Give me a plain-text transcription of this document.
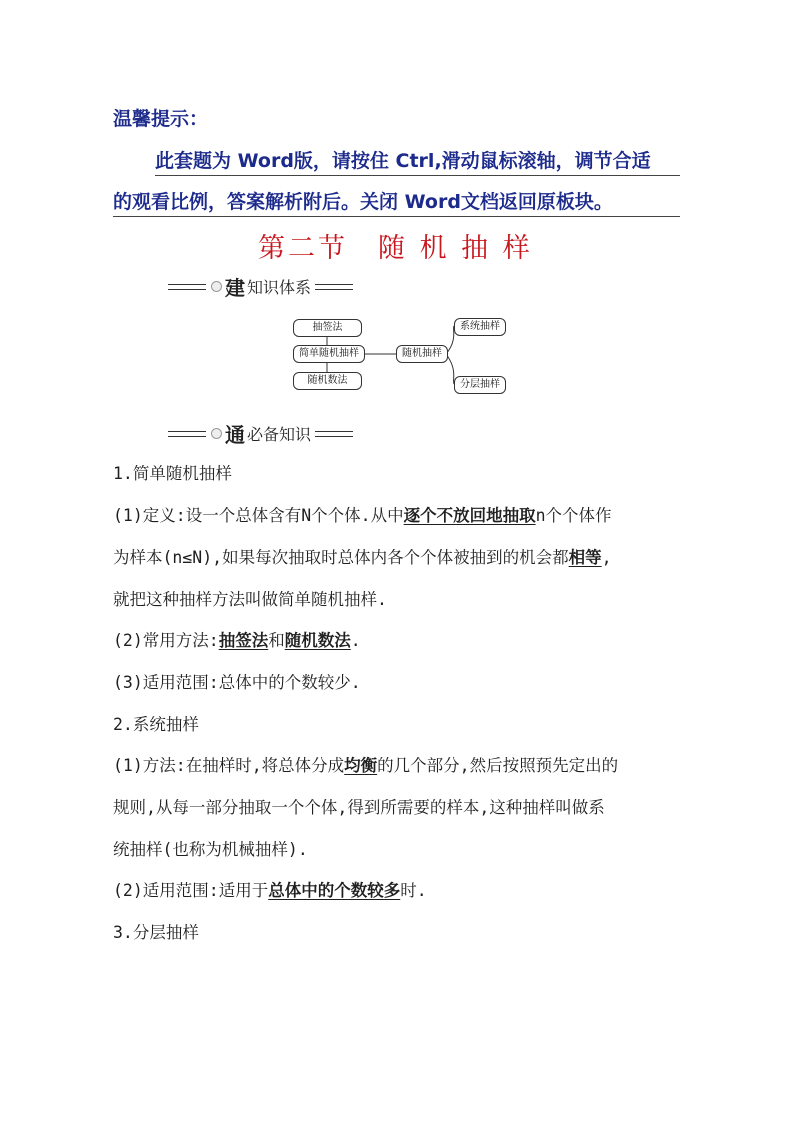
温馨提示：
此套题为 Word版，请按住 Ctrl,滑动鼠标滚轴，调节合适
的观看比例，答案解析附后。关闭 Word文档返回原板块。
第二节　随 机 抽 样
建 知识体系
抽签法
简单随机抽样
随机数法
随机抽样
系统抽样
分层抽样
通 必备知识
1.简单随机抽样
(1)定义:设一个总体含有N个个体.从中逐个不放回地抽取n个个体作
为样本(n≤N),如果每次抽取时总体内各个个体被抽到的机会都相等,
就把这种抽样方法叫做简单随机抽样.
(2)常用方法:抽签法和随机数法.
(3)适用范围:总体中的个数较少.
2.系统抽样
(1)方法:在抽样时,将总体分成均衡的几个部分,然后按照预先定出的
规则,从每一部分抽取一个个体,得到所需要的样本,这种抽样叫做系
统抽样(也称为机械抽样).
(2)适用范围:适用于总体中的个数较多时.
3.分层抽样
